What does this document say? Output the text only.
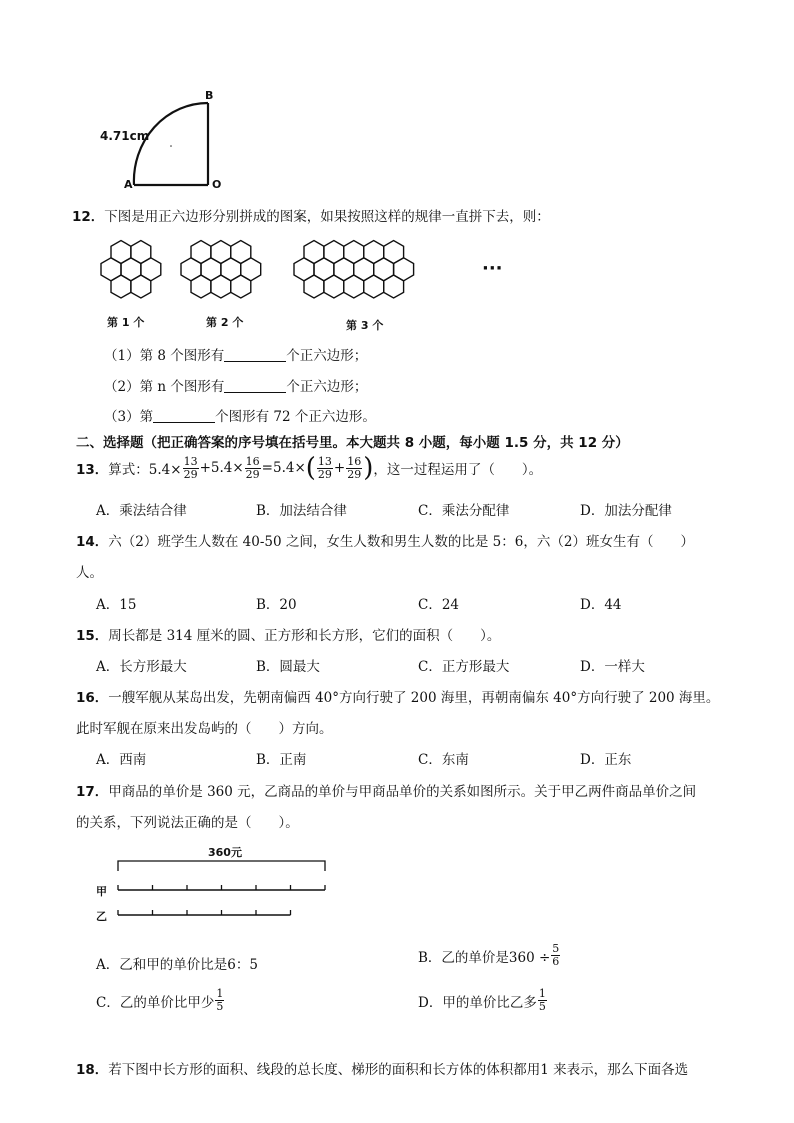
4.71cm
B
A	O
12．下图是用正六边形分别拼成的图案，如果按照这样的规律一直拼下去，则：
第 1 个	第 2 个	第 3 个
···
（1）第 8 个图形有	个正六边形；
（2）第 n 个图形有	个正六边形；
（3）第	个图形有 72 个正六边形。
二、选择题（把正确答案的序号填在括号里。本大题共 8 小题，每小题 1.5 分，共 12 分）
13． 算式：$5.4\times \frac{13}{29} +5.4\times \frac{16}{29} =5.4\times$ ( $\frac{13}{29} + \frac{16}{29}$ ) ，这一过程运用了（　　）。
A．乘法结合律	B．加法结合律	C．乘法分配律	D．加法分配律
14．六（2）班学生人数在 40-50 之间，女生人数和男生人数的比是 5：6，六（2）班女生有（　　）
人。
A．15	B．20	C．24	D．44
15．周长都是 314 厘米的圆、正方形和长方形，它们的面积（　　）。
A．长方形最大	B．圆最大	C．正方形最大	D．一样大
16．一艘军舰从某岛出发，先朝南偏西 40°方向行驶了 200 海里，再朝南偏东 40°方向行驶了 200 海里。
此时军舰在原来出发岛屿的（　　）方向。
A．西南	B．正南	C．东南	D．正东
17．甲商品的单价是 360 元，乙商品的单价与甲商品单价的关系如图所示。关于甲乙两件商品单价之间
的关系，下列说法正确的是（　　）。
360元
甲
乙
A．乙和甲的单价比是6：5	B．乙的单价是$360 \div \frac{5}{6}$
C．乙的单价比甲少 $\frac{1}{5}$	D．甲的单价比乙多 $\frac{1}{5}$
18．若下图中长方形的面积、线段的总长度、梯形的面积和长方体的体积都用1 来表示，那么下面各选
